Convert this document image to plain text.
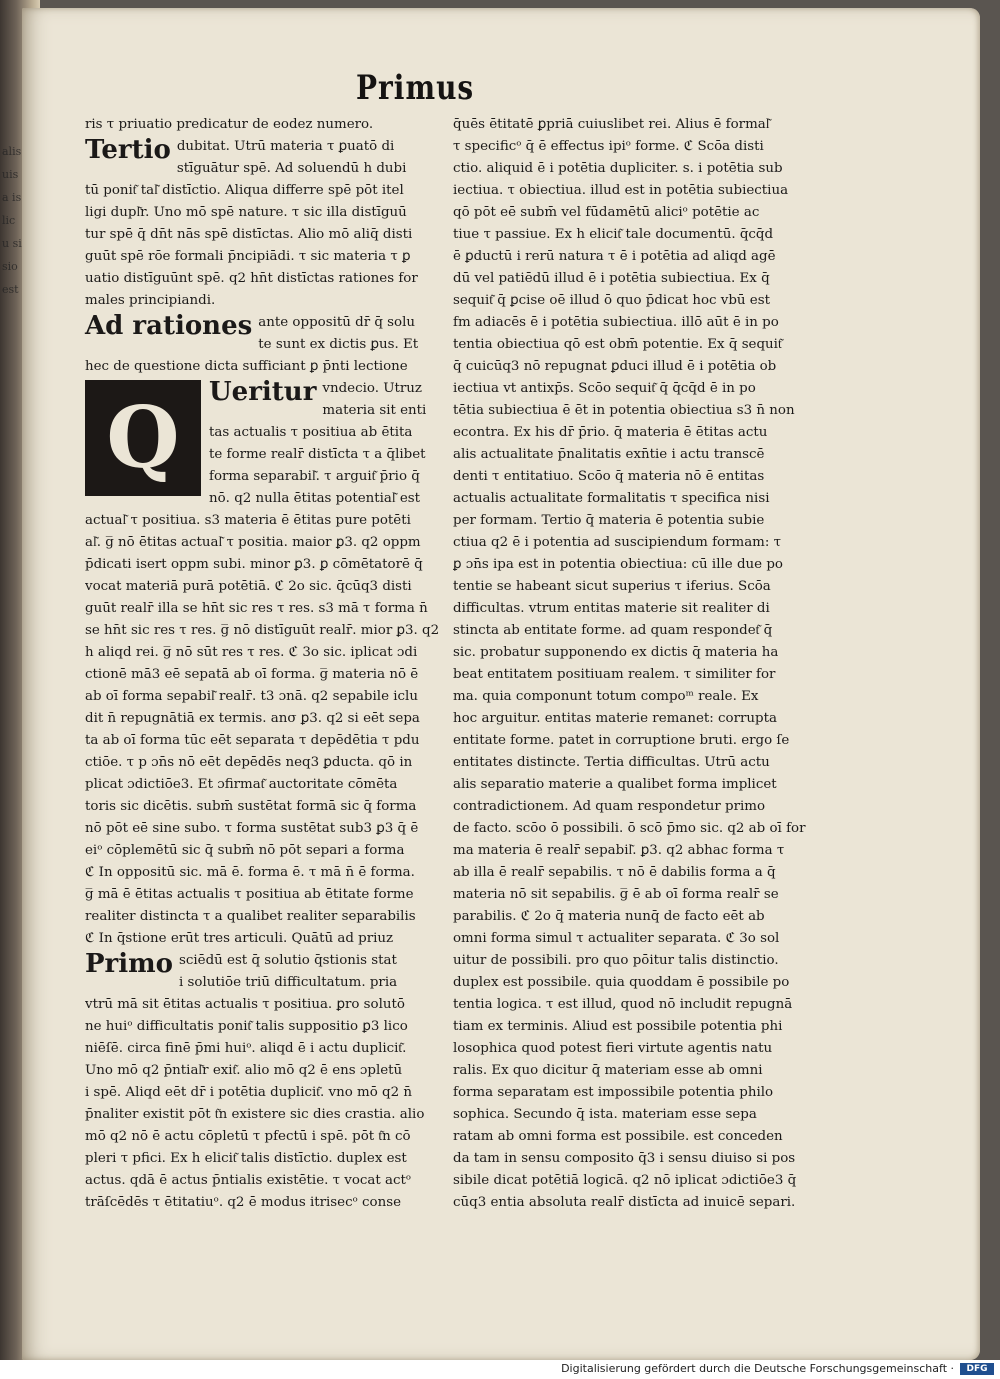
alis uisa is lic u si sio est
Primus
ris τ priuatio predicatur de eodez numero.
Tertio dubitat. Utrū materia τ ꝑuatō di
stīguātur spē. Ad soluendū h dubi
tū ponit͂ tal͂ distīctio. Aliqua differre spē pōt itel
ligi dupl͂r. Uno mō spē nature. τ sic illa distīguū
tur spē q̄ dn̄t nās spē distīctas. Alio mō aliq̄ disti
guūt spē rōe formali p̄ncipiādi. τ sic materia τ ꝑ
uatio distīguūnt spē. q2 hn̄t distīctas rationes for
males principiandi.
Ad rationes ante oppositū dr̄ q̄ solu
te sunt ex dictis ꝑus. Et
hec de questione dicta sufficiant ꝑ p̄nti lectione
Q Ueritur vndecio. Utruz
materia sit enti
tas actualis τ positiua ab ētita
te forme realr̄ distīcta τ a q̄libet
forma separabil͂. τ arguit͂ p̄rio q̄
nō. q2 nulla ētitas potential͂ est
actual͂ τ positiua. s3 materia ē ētitas pure potēti
al͂. g̅ nō ētitas actual͂ τ positia. maior ꝑ3. q2 oppm
p̄dicati isert oppm subi. minor ꝑ3. ꝑ cōmētatorē q̄
vocat materiā purā potētiā. ℭ 2o sic. q̄cūq3 disti
guūt realr̄ illa se hn̄t sic res τ res. s3 mā τ forma n̄
se hn̄t sic res τ res. g̅ nō distīguūt realr̄. mior ꝑ3. q2
h aliqd rei. g̅ nō sūt res τ res. ℭ 3o sic. iplicat ɔdi
ctionē mā3 eē sepatā ab oī forma. g̅ materia nō ē
ab oī forma sepabil͂ realr̄. t3 ɔnā. q2 sepabile iclu
dit n̄ repugnātiā ex termis. anσ ꝑ3. q2 si eēt sepa
ta ab oī forma tūc eēt separata τ depēdētia τ pdu
ctiōe. τ p ɔn̄s nō eēt depēdēs neq3 ꝑducta. qō in
plicat ɔdictiōe3. Et ɔfirmat͂ auctoritate cōmēta
toris sic dicētis. subm̄ sustētat formā sic q̄ forma
nō pōt eē sine subo. τ forma sustētat sub3 ꝑ3 q̄ ē
eiᵒ cōplemētū sic q̄ subm̄ nō pōt separi a forma
ℭ In oppositū sic. mā ē. forma ē. τ mā n̄ ē forma.
g̅ mā ē ētitas actualis τ positiua ab ētitate forme
realiter distincta τ a qualibet realiter separabilis
ℭ In q̄stione erūt tres articuli. Quātū ad priuz
Primo sciēdū est q̄ solutio q̄stionis stat
i solutiōe triū difficultatum. pria
vtrū mā sit ētitas actualis τ positiua. ꝑro solutō
ne huiᵒ difficultatis ponit͂ talis suppositio ꝑ3 lico
niēſē. circa finē p̄mi huiᵒ. aliqd ē i actu duplicit͂.
Uno mō q2 p̄ntial͂r exit͂. alio mō q2 ē ens ɔpletū
i spē. Aliqd eēt dr̄ i potētia duplicit͂. vno mō q2 n̄
p̄naliter existit pōt t͂n existere sic dies crastia. alio
mō q2 nō ē actu cōpletū τ pfectū i spē. pōt t͂n cō
pleri τ pfici. Ex h elicit͂ talis distīctio. duplex est
actus. qdā ē actus p̄ntialis existētie. τ vocat actᵒ
trāſcēdēs τ ētitatiuᵒ. q2 ē modus itrisecᵒ conse
q̄uēs ētitatē ꝑpriā cuiuslibet rei. Alius ē formal͂
τ specificᵒ q̄ ē effectus ipiᵒ forme. ℭ Scōa disti
ctio. aliquid ē i potētia dupliciter. s. i potētia sub
iectiua. τ obiectiua. illud est in potētia subiectiua
qō pōt eē subm̄ vel fūdamētū aliciᵒ potētie ac
tiue τ passiue. Ex h elicit͂ tale documentū. q̄cq̄d
ē ꝑductū i rerū natura τ ē i potētia ad aliqd agē
dū vel patiēdū illud ē i potētia subiectiua. Ex q̄
sequit͂ q̄ ꝑcise oē illud ō quo p̄dicat hoc vbū est
fm adiacēs ē i potētia subiectiua. illō aūt ē in po
tentia obiectiua qō est obm̄ potentie. Ex q̄ sequit͂
q̄ cuicūq3 nō repugnat ꝑduci illud ē i potētia ob
iectiua vt antixp̄s. Scōo sequit͂ q̄ q̄cq̄d ē in po
tētia subiectiua ē ēt in potentia obiectiua s3 n̄ non
econtra. Ex his dr̄ p̄rio. q̄ materia ē ētitas actu
alis actualitate p̄nalitatis exn̄tie i actu transcē
denti τ entitatiuo. Scōo q̄ materia nō ē entitas
actualis actualitate formalitatis τ specifica nisi
per formam. Tertio q̄ materia ē potentia subie
ctiua q2 ē i potentia ad suscipiendum formam: τ
ꝑ ɔn̄s ipa est in potentia obiectiua: cū ille due po
tentie se habeant sicut superius τ iferius. Scōa
difficultas. vtrum entitas materie sit realiter di
stincta ab entitate forme. ad quam respondet͂ q̄
sic. probatur supponendo ex dictis q̄ materia ha
beat entitatem positiuam realem. τ similiter for
ma. quia componunt totum compoᵐ reale. Ex
hoc arguitur. entitas materie remanet: corrupta
entitate forme. patet in corruptione bruti. ergo ſe
entitates distincte. Tertia difficultas. Utrū actu
alis separatio materie a qualibet forma implicet
contradictionem. Ad quam respondetur primo
de facto. scōo ō possibili. ō scō p̄mo sic. q2 ab oī for
ma materia ē realr̄ sepabil͂. ꝑ3. q2 abhac forma τ
ab illa ē realr̄ sepabilis. τ nō ē dabilis forma a q̄
materia nō sit sepabilis. g̅ ē ab oī forma realr̄ se
parabilis. ℭ 2o q̄ materia nunq̄ de facto eēt ab
omni forma simul τ actualiter separata. ℭ 3o sol
uitur de possibili. pro quo pōitur talis distinctio.
duplex est possibile. quia quoddam ē possibile po
tentia logica. τ est illud, quod nō includit repugnā
tiam ex terminis. Aliud est possibile potentia phi
losophica quod potest fieri virtute agentis natu
ralis. Ex quo dicitur q̄ materiam esse ab omni
forma separatam est impossibile potentia philo
sophica. Secundo q̄ ista. materiam esse sepa
ratam ab omni forma est possibile. est conceden
da tam in sensu composito q̄3 i sensu diuiso si pos
sibile dicat potētiā logicā. q2 nō iplicat ɔdictiōe3 q̄
cūq3 entia absoluta realr̄ distīcta ad inuicē separi.
Digitalisierung gefördert durch die Deutsche Forschungsgemeinschaft ·	DFG
